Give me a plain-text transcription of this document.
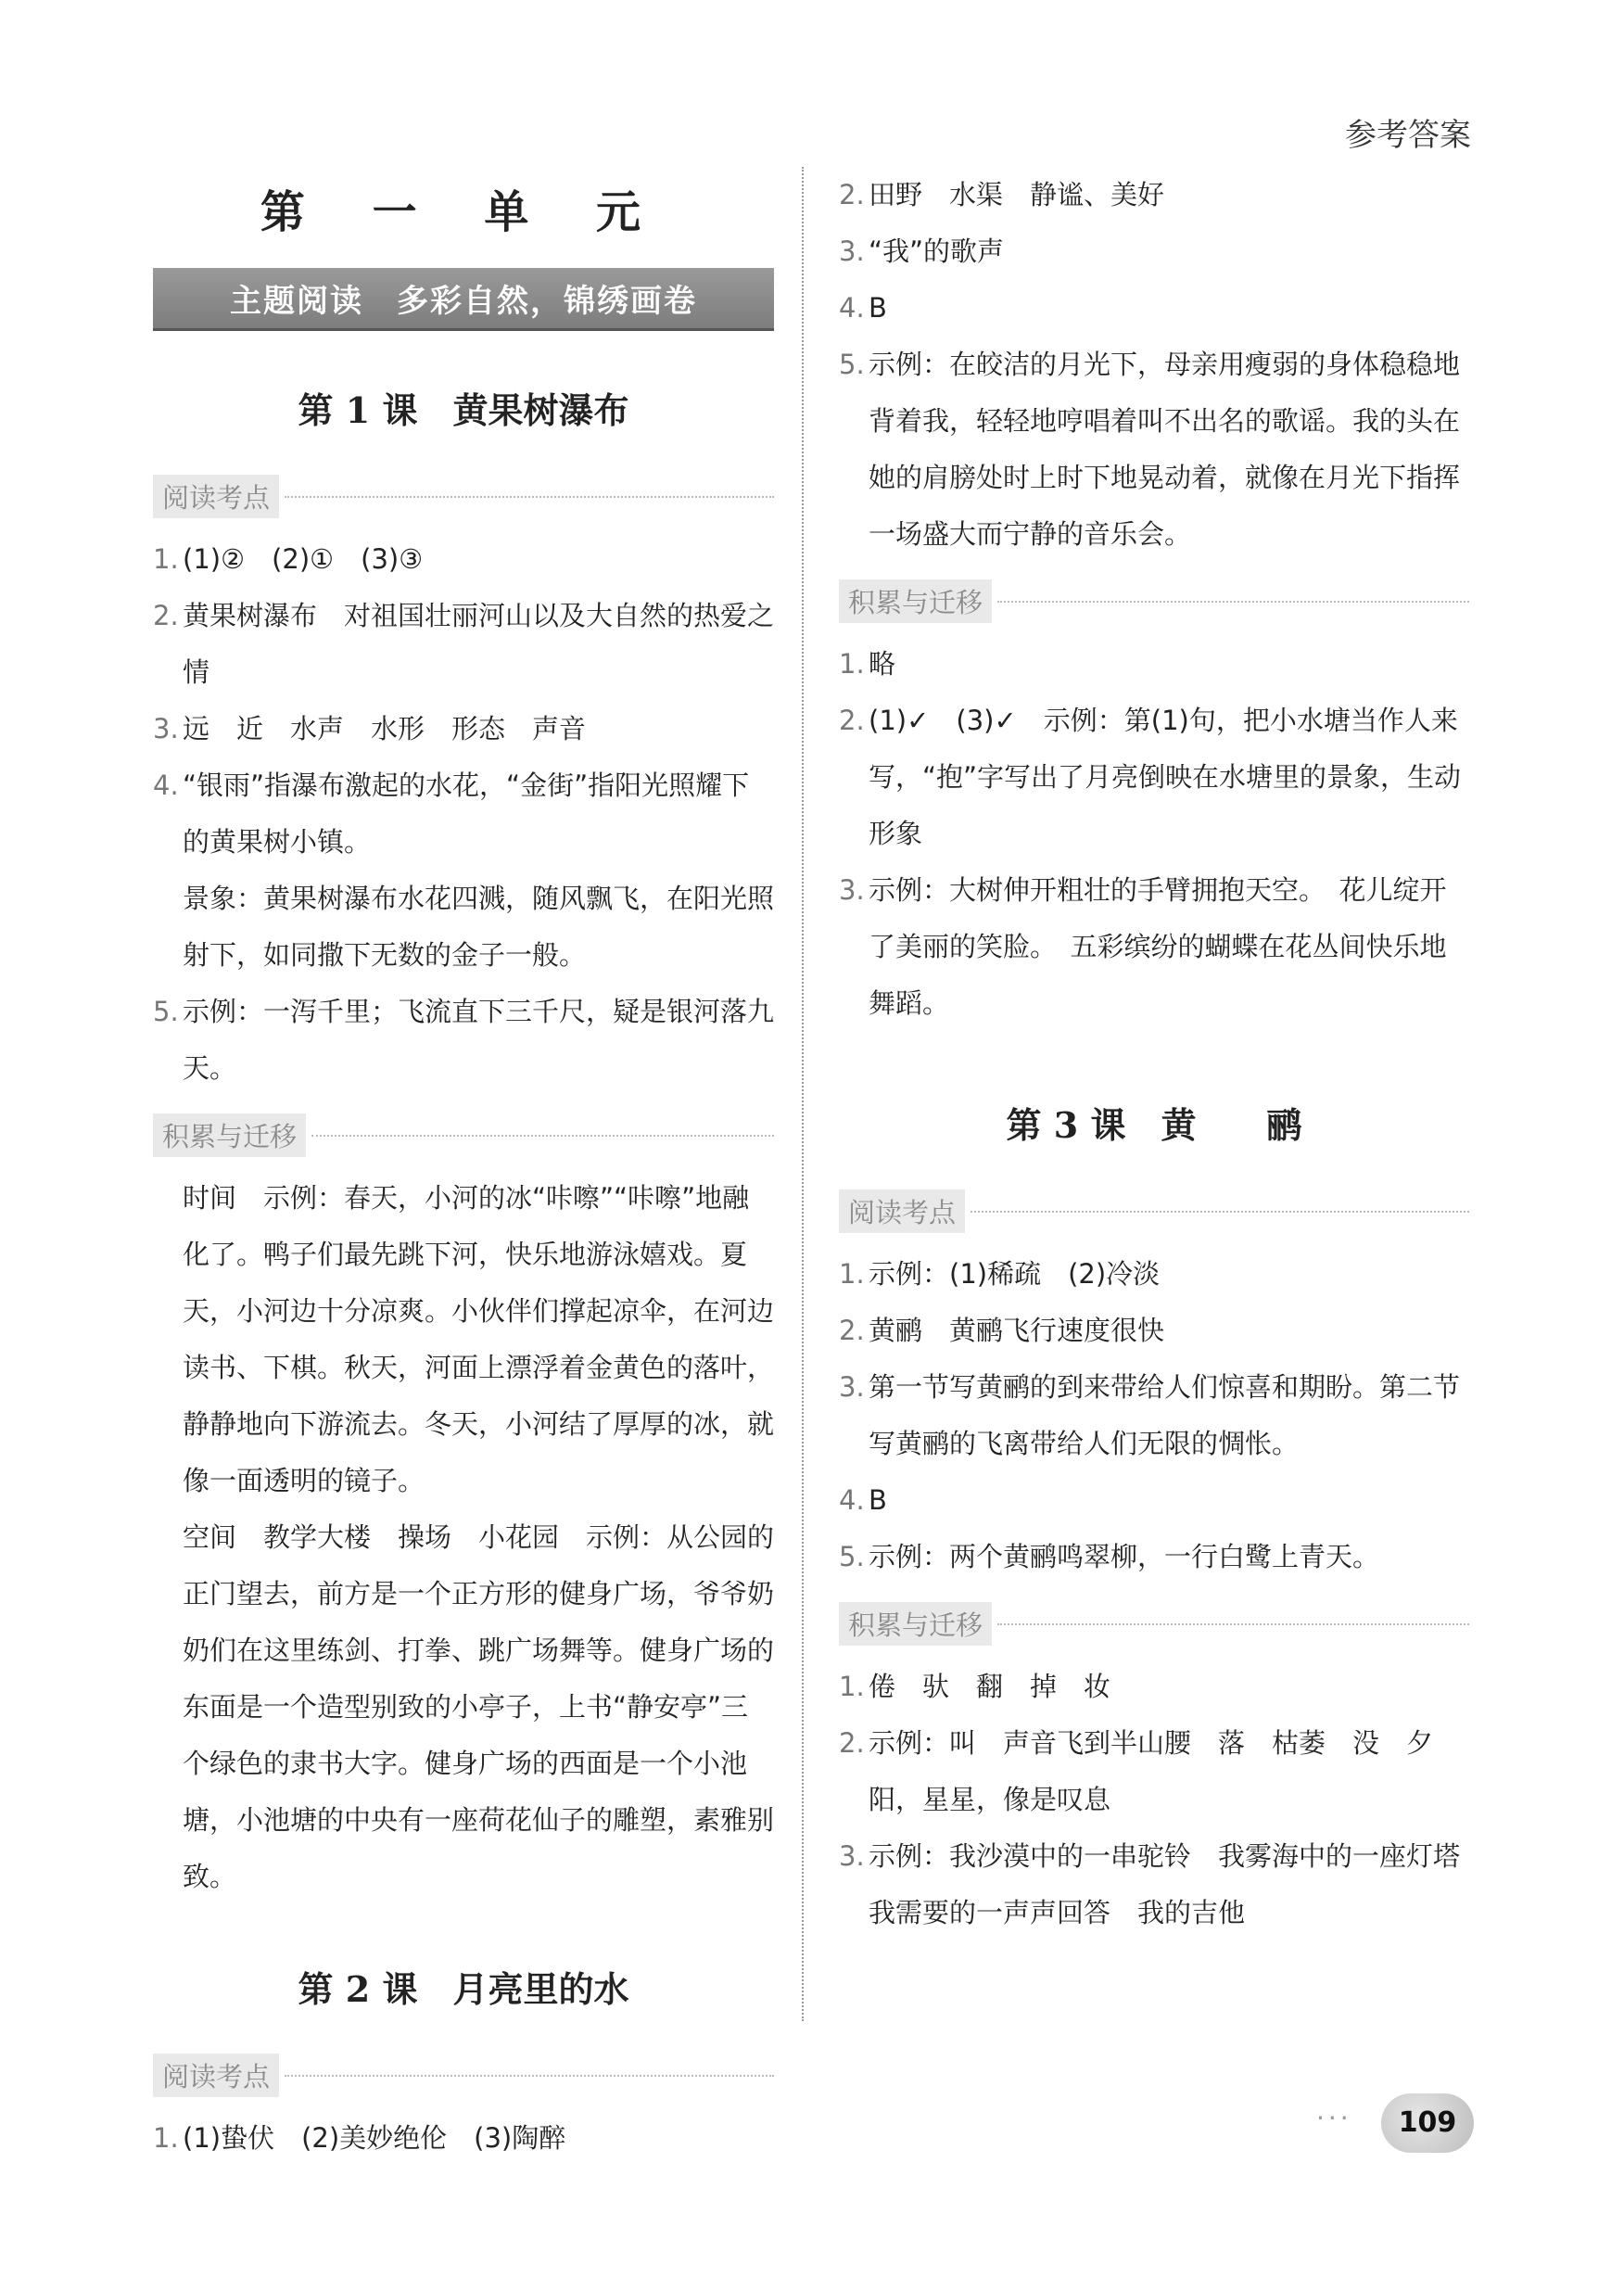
参考答案
第 一 单 元
主题阅读　多彩自然，锦绣画卷
第 1 课　黄果树瀑布
阅读考点
1. (1)②　(2)①　(3)③
2. 黄果树瀑布　对祖国壮丽河山以及大自然的热爱之情
3. 远　近　水声　水形　形态　声音
4. “银雨”指瀑布激起的水花，“金街”指阳光照耀下的黄果树小镇。
景象：黄果树瀑布水花四溅，随风飘飞，在阳光照射下，如同撒下无数的金子一般。
5. 示例：一泻千里；飞流直下三千尺，疑是银河落九天。
积累与迁移
时间　示例：春天，小河的冰“咔嚓”“咔嚓”地融化了。鸭子们最先跳下河，快乐地游泳嬉戏。夏天，小河边十分凉爽。小伙伴们撑起凉伞，在河边读书、下棋。秋天，河面上漂浮着金黄色的落叶，静静地向下游流去。冬天，小河结了厚厚的冰，就像一面透明的镜子。
空间　教学大楼　操场　小花园　示例：从公园的正门望去，前方是一个正方形的健身广场，爷爷奶奶们在这里练剑、打拳、跳广场舞等。健身广场的东面是一个造型别致的小亭子，上书“静安亭”三个绿色的隶书大字。健身广场的西面是一个小池塘，小池塘的中央有一座荷花仙子的雕塑，素雅别致。
第 2 课　月亮里的水
阅读考点
1. (1)蛰伏　(2)美妙绝伦　(3)陶醉
2. 田野　水渠　静谧、美好
3. “我”的歌声
4. B
5. 示例：在皎洁的月光下，母亲用瘦弱的身体稳稳地背着我，轻轻地哼唱着叫不出名的歌谣。我的头在她的肩膀处时上时下地晃动着，就像在月光下指挥一场盛大而宁静的音乐会。
积累与迁移
1. 略
2. (1)✓　(3)✓　示例：第(1)句，把小水塘当作人来写，“抱”字写出了月亮倒映在水塘里的景象，生动形象
3. 示例：大树伸开粗壮的手臂拥抱天空。　花儿绽开了美丽的笑脸。　五彩缤纷的蝴蝶在花丛间快乐地舞蹈。
第 3 课　黄　　鹂
阅读考点
1. 示例：(1)稀疏　(2)冷淡
2. 黄鹂　黄鹂飞行速度很快
3. 第一节写黄鹂的到来带给人们惊喜和期盼。第二节写黄鹂的飞离带给人们无限的惆怅。
4. B
5. 示例：两个黄鹂鸣翠柳，一行白鹭上青天。
积累与迁移
1. 倦　驮　翻　掉　妆
2. 示例：叫　声音飞到半山腰　落　枯萎　没　夕阳，星星，像是叹息
3. 示例：我沙漠中的一串驼铃　我雾海中的一座灯塔　我需要的一声声回答　我的吉他
···	109
